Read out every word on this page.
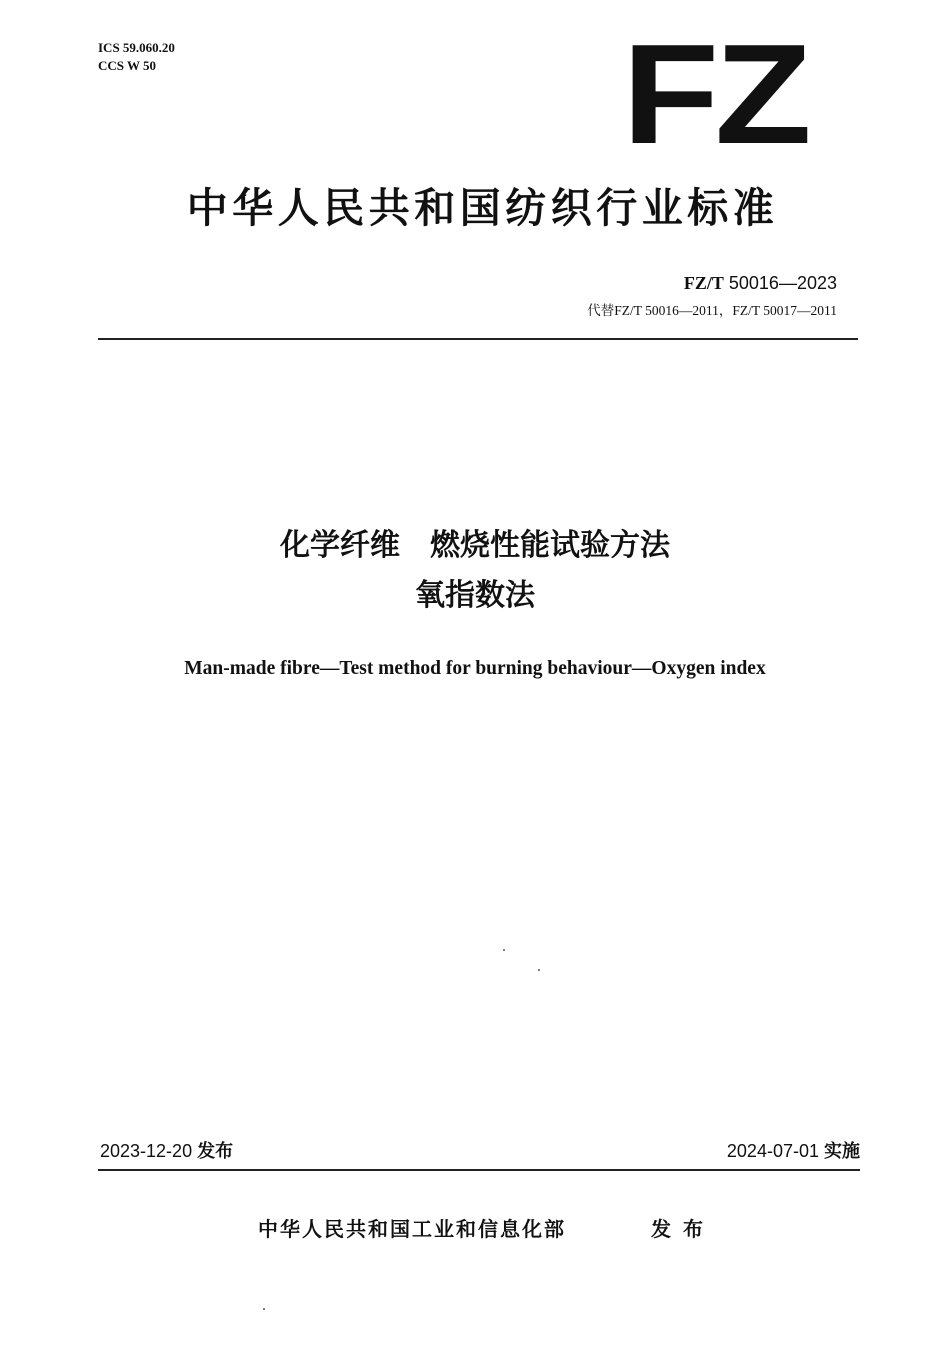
ICS 59.060.20
CCS W 50	FZ
中华人民共和国纺织行业标准
FZ/T 50016—2023
代替FZ/T 50016—2011，FZ/T 50017—2011
化学纤维　燃烧性能试验方法
氧指数法
Man-made fibre—Test method for burning behaviour—Oxygen index
2023-12-20 发布	2024-07-01 实施
中华人民共和国工业和信息化部	发布
